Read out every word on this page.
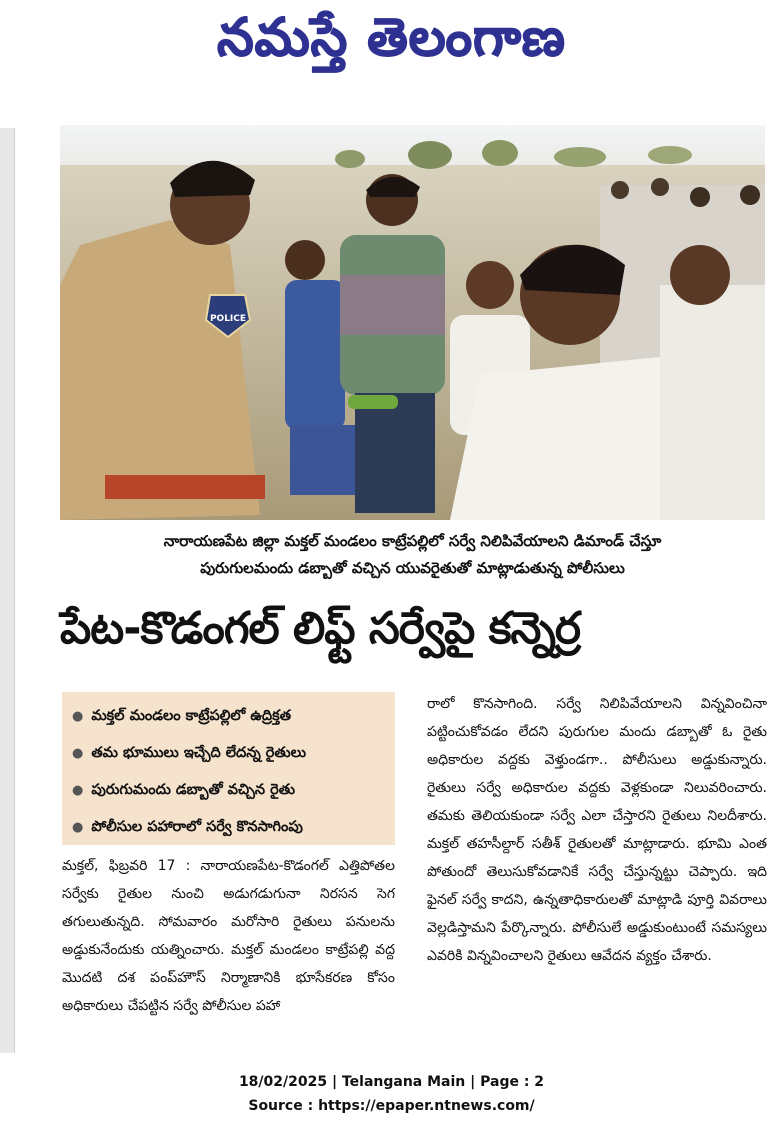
నమస్తే తెలంగాణ
POLICE
నారాయణపేట జిల్లా మక్తల్ మండలం కాట్రేపల్లిలో సర్వే నిలిపివేయాలని డిమాండ్ చేస్తూ
పురుగులమందు డబ్బాతో వచ్చిన యువరైతుతో మాట్లాడుతున్న పోలీసులు
పేట-కొడంగల్ లిఫ్ట్ సర్వేపై కన్నెర్ర
● మక్తల్ మండలం కాట్రేపల్లిలో ఉద్రిక్తత
● తమ భూములు ఇచ్చేది లేదన్న రైతులు
● పురుగుమందు డబ్బాతో వచ్చిన రైతు
● పోలీసుల పహారాలో సర్వే కొనసాగింపు

మక్తల్, ఫిబ్రవరి 17 : నారాయణపేట-కొడంగల్ ఎత్తిపోతల సర్వేకు రైతుల నుంచి అడుగడుగునా నిరసన సెగ తగులుతున్నది. సోమవారం మరోసారి రైతులు పనులను అడ్డుకునేందుకు యత్నించారు. మక్తల్ మండలం కాట్రేపల్లి వద్ద మొదటి దశ పంప్‌హౌస్ నిర్మాణానికి భూసేకరణ కోసం అధికారులు చేపట్టిన సర్వే పోలీసుల పహా

రాలో కొనసాగింది. సర్వే నిలిపివేయాలని విన్నవించినా పట్టించుకోవడం లేదని పురుగుల మందు డబ్బాతో ఓ రైతు అధికారుల వద్దకు వెళ్తుండగా.. పోలీసులు అడ్డుకున్నారు. రైతులు సర్వే అధికారుల వద్దకు వెళ్లకుండా నిలువరించారు. తమకు తెలియకుండా సర్వే ఎలా చేస్తారని రైతులు నిలదీశారు. మక్తల్ తహసీల్దార్ సతీశ్ రైతులతో మాట్లాడారు. భూమి ఎంత పోతుందో తెలుసుకోవడానికే సర్వే చేస్తున్నట్టు చెప్పారు. ఇది ఫైనల్ సర్వే కాదని, ఉన్నతాధికారులతో మాట్లాడి పూర్తి వివరాలు వెల్లడిస్తామని పేర్కొన్నారు. పోలీసులే అడ్డుకుంటుంటే సమస్యలు ఎవరికి విన్నవించాలని రైతులు ఆవేదన వ్యక్తం చేశారు.

18/02/2025 | Telangana Main | Page : 2
Source : https://epaper.ntnews.com/
